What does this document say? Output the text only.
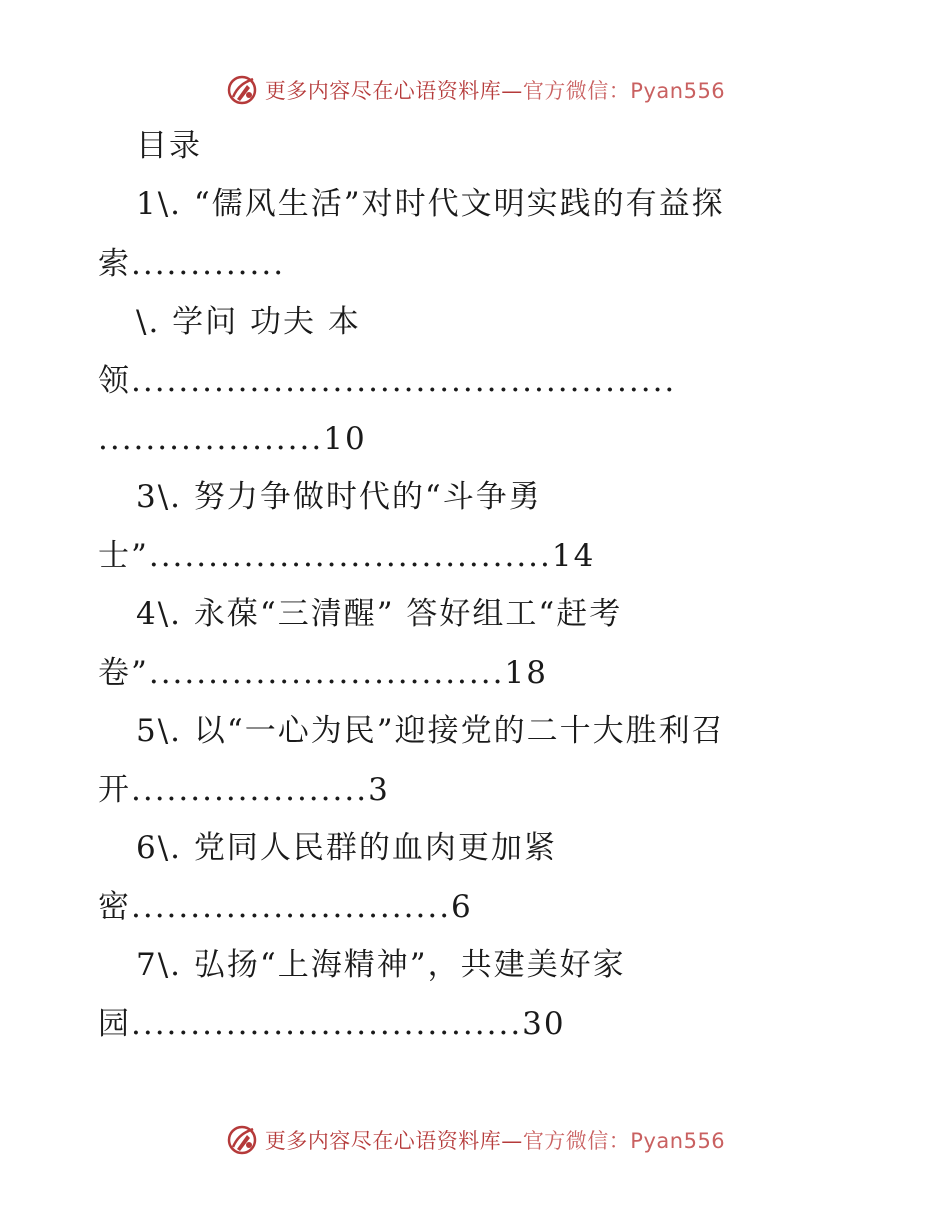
更多内容尽在心语资料库—官方微信：Pyan556
目录
1\. “儒风生活”对时代文明实践的有益探
索.............
\. 学问 功夫 本
领..............................................
...................10
3\. 努力争做时代的“斗争勇
士”..................................14
4\. 永葆“三清醒” 答好组工“赶考
卷”..............................18
5\. 以“一心为民”迎接党的二十大胜利召
开....................3
6\. 党同人民群的血肉更加紧
密...........................6
7\. 弘扬“上海精神”，共建美好家
园.................................30
更多内容尽在心语资料库—官方微信：Pyan556
